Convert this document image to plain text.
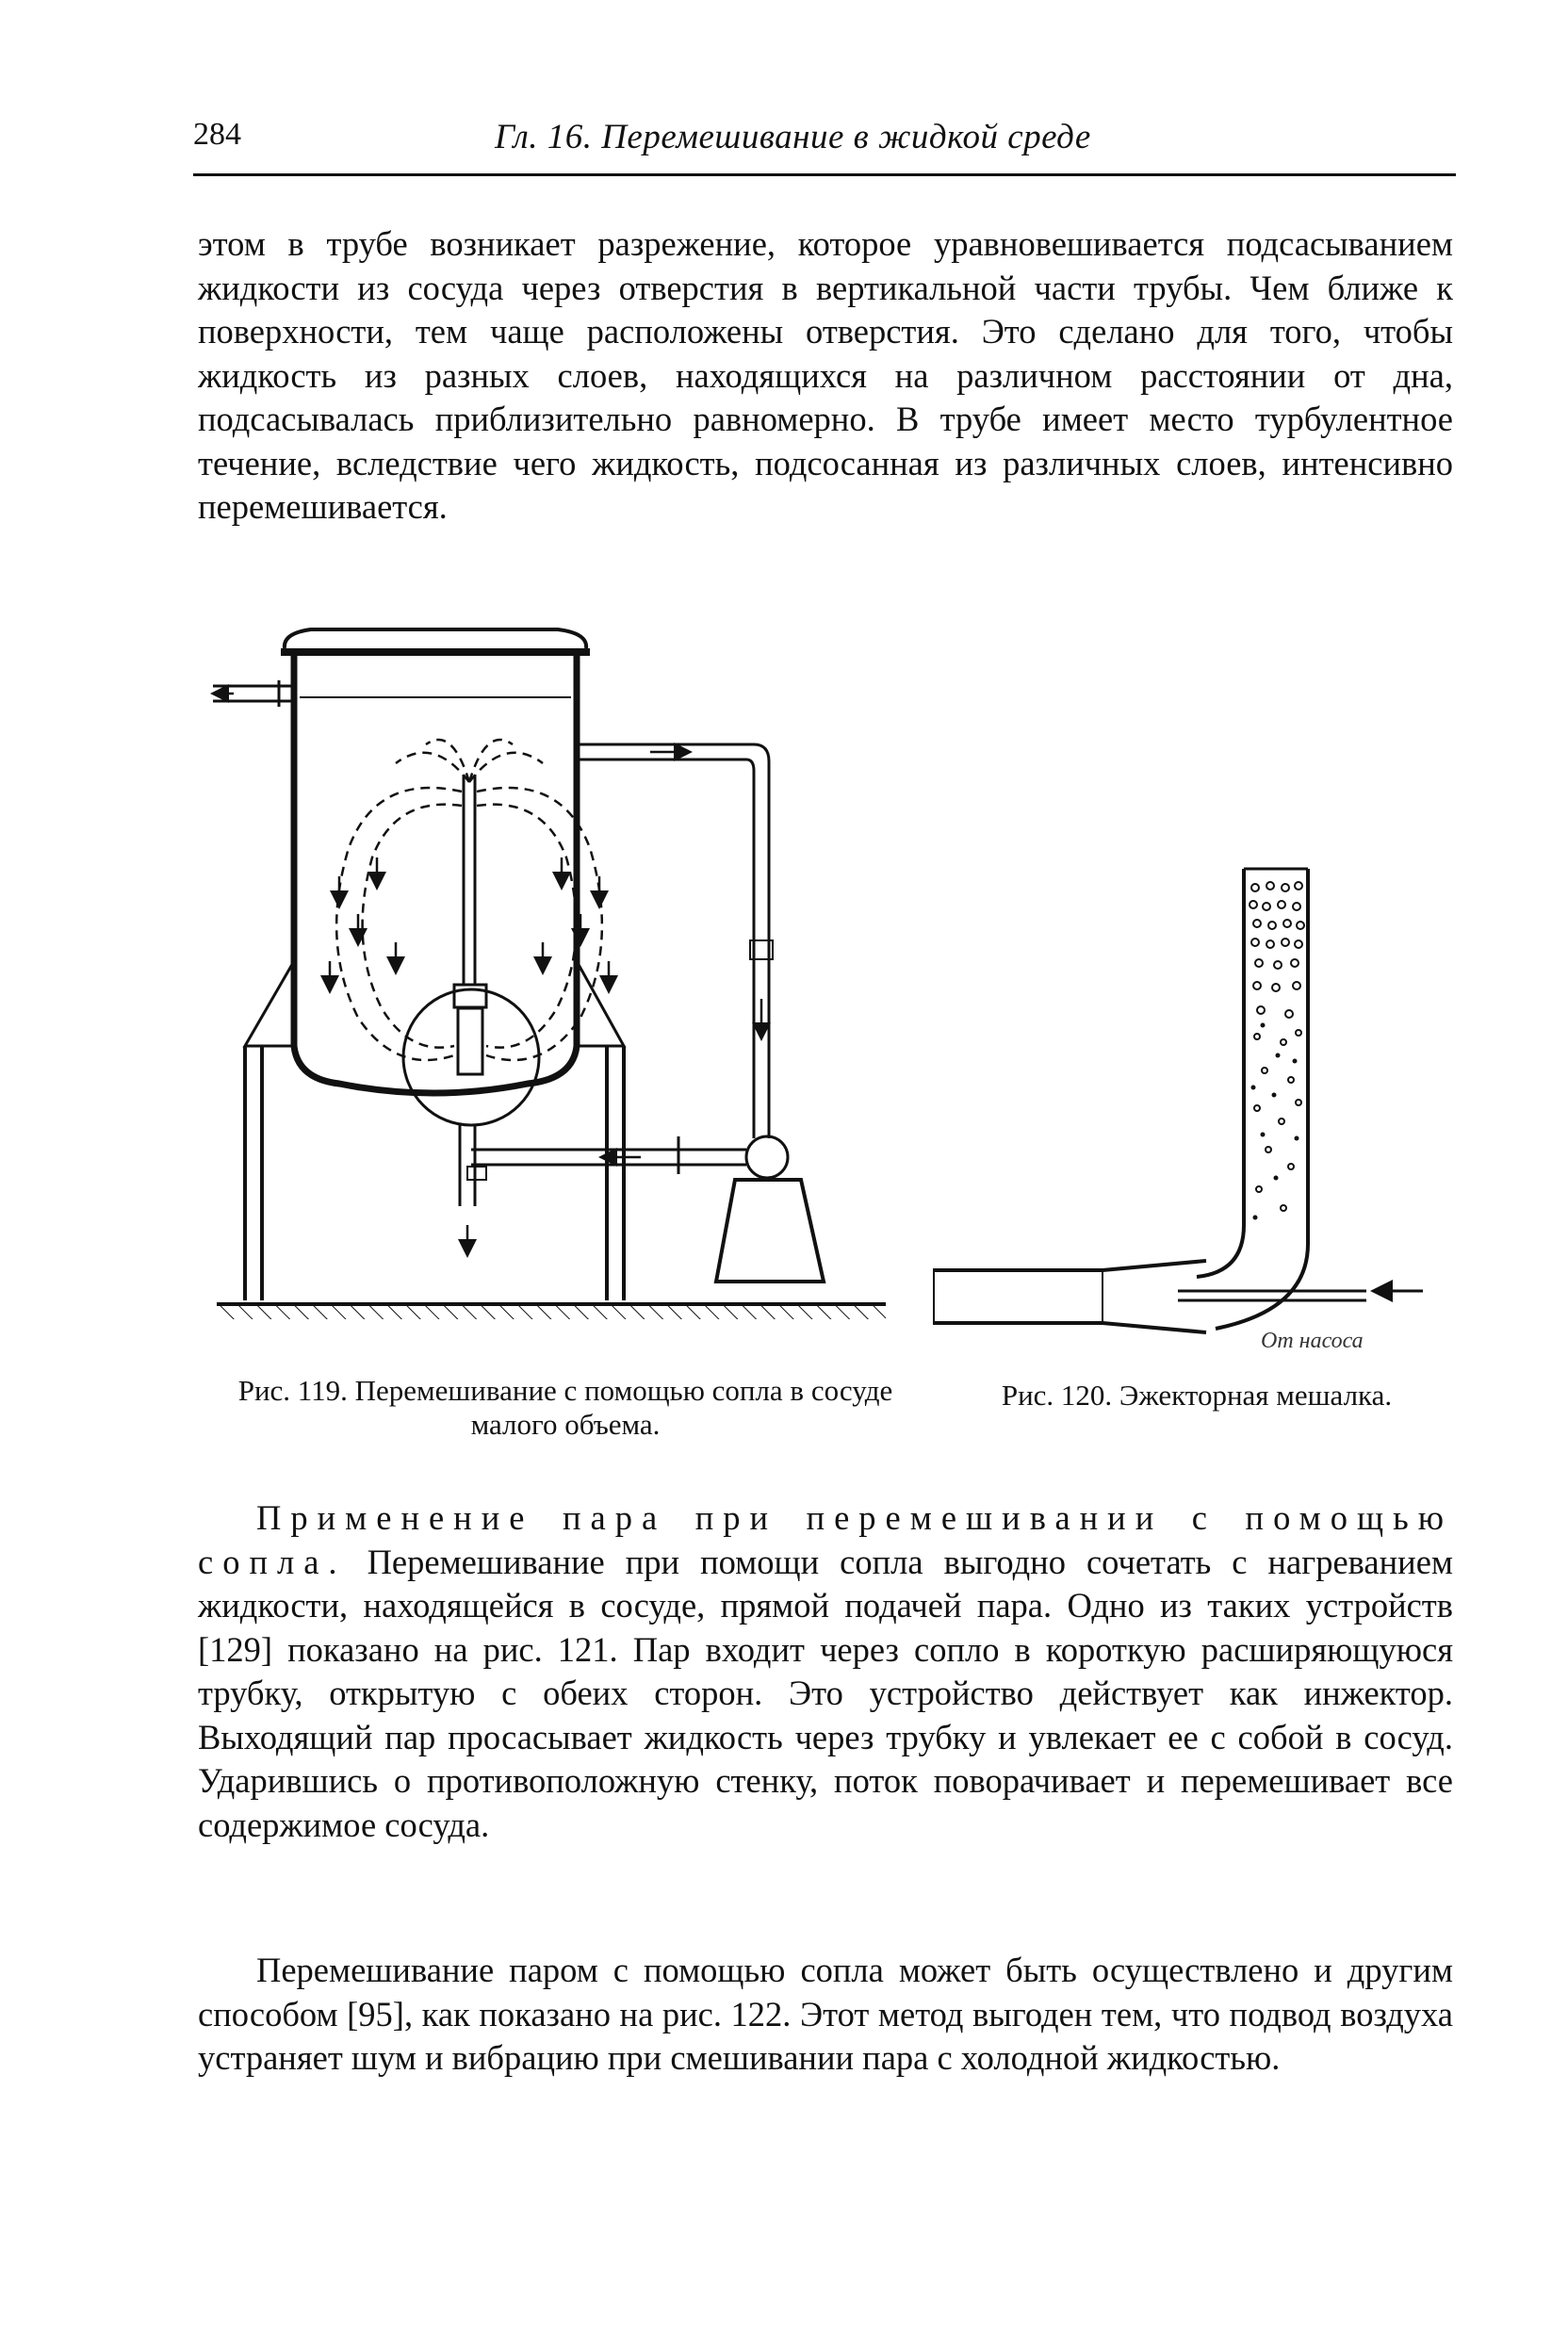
284	Гл. 16. Перемешивание в жидкой среде

этом в трубе возникает разрежение, которое уравновешивается подсасыванием жидкости из сосуда через отверстия в вертикальной части трубы. Чем ближе к поверхности, тем чаще расположены отверстия. Это сделано для того, чтобы жидкость из разных слоев, находящихся на различном расстоянии от дна, подсасывалась приблизительно равномерно. В трубе имеет место турбулентное течение, вследствие чего жидкость, подсосанная из различных слоев, интенсивно перемешивается.

От насоса

Рис. 119. Перемешивание с помощью сопла в сосуде малого объема.

Рис. 120. Эжекторная мешалка.

Применение пара при перемешивании с помощью сопла. Перемешивание при помощи сопла выгодно сочетать с нагреванием жидкости, находящейся в сосуде, прямой подачей пара. Одно из таких устройств [129] показано на рис. 121. Пар входит через сопло в короткую расширяющуюся трубку, открытую с обеих сторон. Это устройство действует как инжектор. Выходящий пар просасывает жидкость через трубку и увлекает ее с собой в сосуд. Ударившись о противоположную стенку, поток поворачивает и перемешивает все содержимое сосуда.

Перемешивание паром с помощью сопла может быть осуществлено и другим способом [95], как показано на рис. 122. Этот метод выгоден тем, что подвод воздуха устраняет шум и вибрацию при смешивании пара с холодной жидкостью.
